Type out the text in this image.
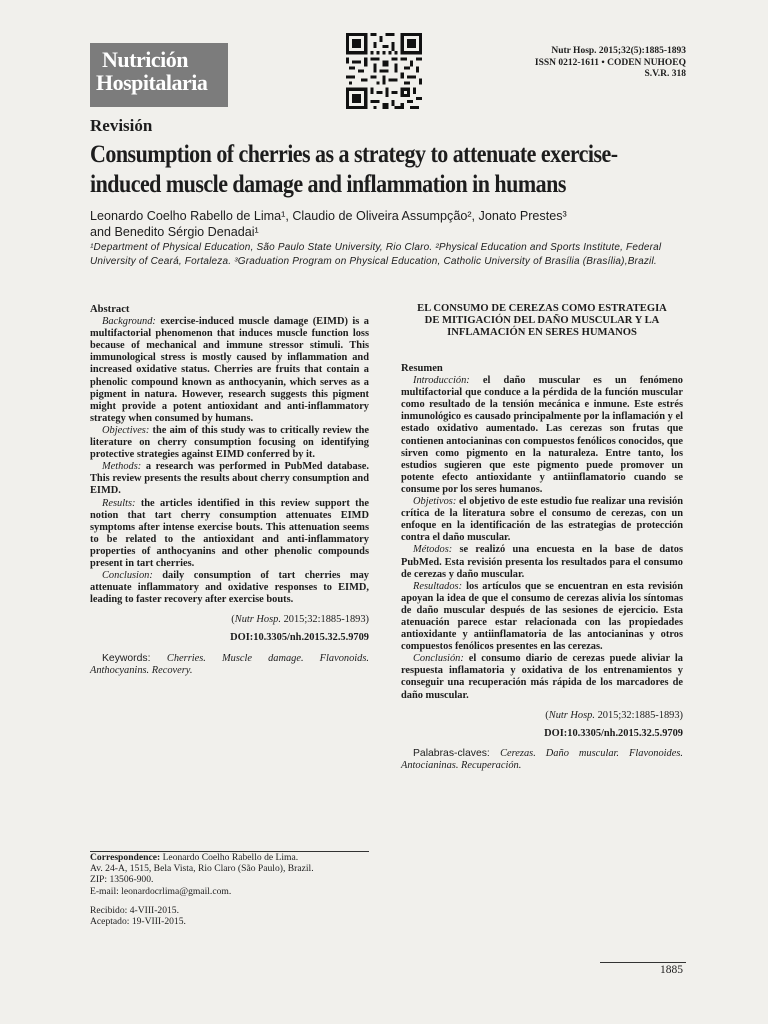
Nutrición
Hospitalaria
Nutr Hosp. 2015;32(5):1885-1893
ISSN 0212-1611 • CODEN NUHOEQ
S.V.R. 318
Revisión
Consumption of cherries as a strategy to attenuate exercise-induced muscle damage and inflammation in humans
Leonardo Coelho Rabello de Lima¹, Claudio de Oliveira Assumpção², Jonato Prestes³
and Benedito Sérgio Denadai¹
¹Department of Physical Education, São Paulo State University, Rio Claro. ²Physical Education and Sports Institute, Federal University of Ceará, Fortaleza. ³Graduation Program on Physical Education, Catholic University of Brasília (Brasília),Brazil.

Abstract

Background: exercise-induced muscle damage (EIMD) is a multifactorial phenomenon that induces muscle function loss because of mechanical and immune stressor stimuli. This immunological stress is mostly caused by inflammation and increased oxidative status. Cherries are fruits that contain a phenolic compound known as anthocyanin, which serves as a pigment in natura. However, research suggests this pigment might provide a potent antioxidant and anti-inflammatory strategy when consumed by humans.

Objectives: the aim of this study was to critically review the literature on cherry consumption focusing on identifying protective strategies against EIMD conferred by it.

Methods: a research was performed in PubMed database. This review presents the results about cherry consumption and EIMD.

Results: the articles identified in this review support the notion that tart cherry consumption attenuates EIMD symptoms after intense exercise bouts. This attenuation seems to be related to the antioxidant and anti-inflammatory properties of anthocyanins and other phenolic compounds present in tart cherries.

Conclusion: daily consumption of tart cherries may attenuate inflammatory and oxidative responses to EIMD, leading to faster recovery after exercise bouts.

(Nutr Hosp. 2015;32:1885-1893)
DOI:10.3305/nh.2015.32.5.9709
Keywords: Cherries. Muscle damage. Flavonoids. Anthocyanins. Recovery.
EL CONSUMO DE CEREZAS COMO ESTRATEGIA DE MITIGACIÓN DEL DAÑO MUSCULAR Y LA INFLAMACIÓN EN SERES HUMANOS

Resumen

Introducción: el daño muscular es un fenómeno multifactorial que conduce a la pérdida de la función muscular como resultado de la tensión mecánica e inmune. Este estrés inmunológico es causado principalmente por la inflamación y el estado oxidativo aumentado. Las cerezas son frutas que contienen antocianinas con compuestos fenólicos conocidos, que sirven como pigmento en la naturaleza. Entre tanto, los estudios sugieren que este pigmento puede promover un potente efecto antioxidante y antiinflamatorio cuando se consume por los seres humanos.

Objetivos: el objetivo de este estudio fue realizar una revisión crítica de la literatura sobre el consumo de cerezas, con un enfoque en la identificación de las estrategias de protección contra el daño muscular.

Métodos: se realizó una encuesta en la base de datos PubMed. Esta revisión presenta los resultados para el consumo de cerezas y daño muscular.

Resultados: los artículos que se encuentran en esta revisión apoyan la idea de que el consumo de cerezas alivia los síntomas de daño muscular después de las sesiones de ejercicio. Esta atenuación parece estar relacionada con las propiedades antioxidante y antiinflamatoria de las antocianinas y otros compuestos fenólicos presentes en las cerezas.

Conclusión: el consumo diario de cerezas puede aliviar la respuesta inflamatoria y oxidativa de los entrenamientos y conseguir una recuperación más rápida de los marcadores de daño muscular.

(Nutr Hosp. 2015;32:1885-1893)
DOI:10.3305/nh.2015.32.5.9709
Palabras-claves: Cerezas. Daño muscular. Flavonoides. Antocianinas. Recuperación.
Correspondence: Leonardo Coelho Rabello de Lima.
Av. 24-A, 1515, Bela Vista, Rio Claro (São Paulo), Brazil.
ZIP: 13506-900.
E-mail: leonardocrlima@gmail.com.
Recibido: 4-VIII-2015.
Aceptado: 19-VIII-2015.
1885
